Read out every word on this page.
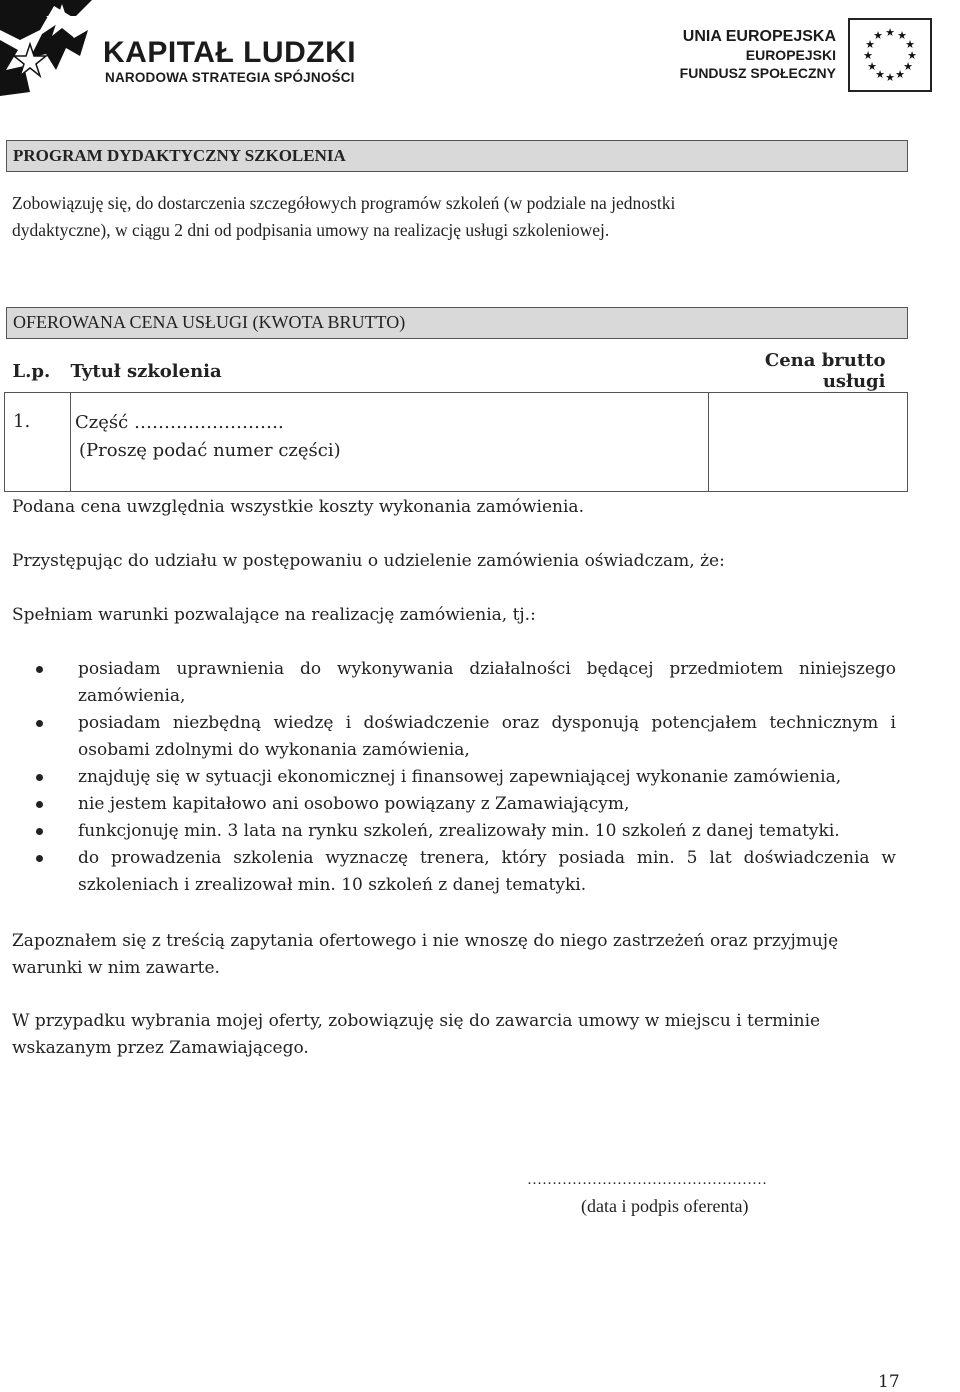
KAPITAŁ LUDZKI
NARODOWA STRATEGIA SPÓJNOŚCI
UNIA EUROPEJSKA
EUROPEJSKI
FUNDUSZ SPOŁECZNY
★ ★
★
★
★
★
★
★
★
★
★
★
PROGRAM DYDAKTYCZNY SZKOLENIA
Zobowiązuję się, do dostarczenia szczegółowych programów szkoleń (w podziale na jednostki
dydaktyczne), w ciągu 2 dni od podpisania umowy na realizację usługi szkoleniowej.
OFEROWANA CENA USŁUGI (KWOTA BRUTTO)
L.p.	Tytuł szkolenia	Cena brutto usługi
1.	Część …………………….
(Proszę podać numer części)	

Podana cena uwzględnia wszystkie koszty wykonania zamówienia.
Przystępując do udziału w postępowaniu o udzielenie zamówienia oświadczam, że:
Spełniam warunki pozwalające na realizację zamówienia, tj.:
posiadam uprawnienia do wykonywania działalności będącej przedmiotem niniejszego zamówienia,
posiadam niezbędną wiedzę i doświadczenie oraz dysponują potencjałem technicznym i osobami zdolnymi do wykonania zamówienia,
znajduję się w sytuacji ekonomicznej i finansowej zapewniającej wykonanie zamówienia,
nie jestem kapitałowo ani osobowo powiązany z Zamawiającym,
funkcjonuję min. 3 lata na rynku szkoleń, zrealizowały min. 10 szkoleń z danej tematyki.
do prowadzenia szkolenia wyznaczę trenera, który posiada min. 5 lat doświadczenia w szkoleniach i zrealizował min. 10 szkoleń z danej tematyki.
Zapoznałem się z treścią zapytania ofertowego i nie wnoszę do niego zastrzeżeń oraz przyjmuję warunki w nim zawarte.
W przypadku wybrania mojej oferty, zobowiązuję się do zawarcia umowy w miejscu i terminie wskazanym przez Zamawiającego.
…………………………………………
(data i podpis oferenta)
17
